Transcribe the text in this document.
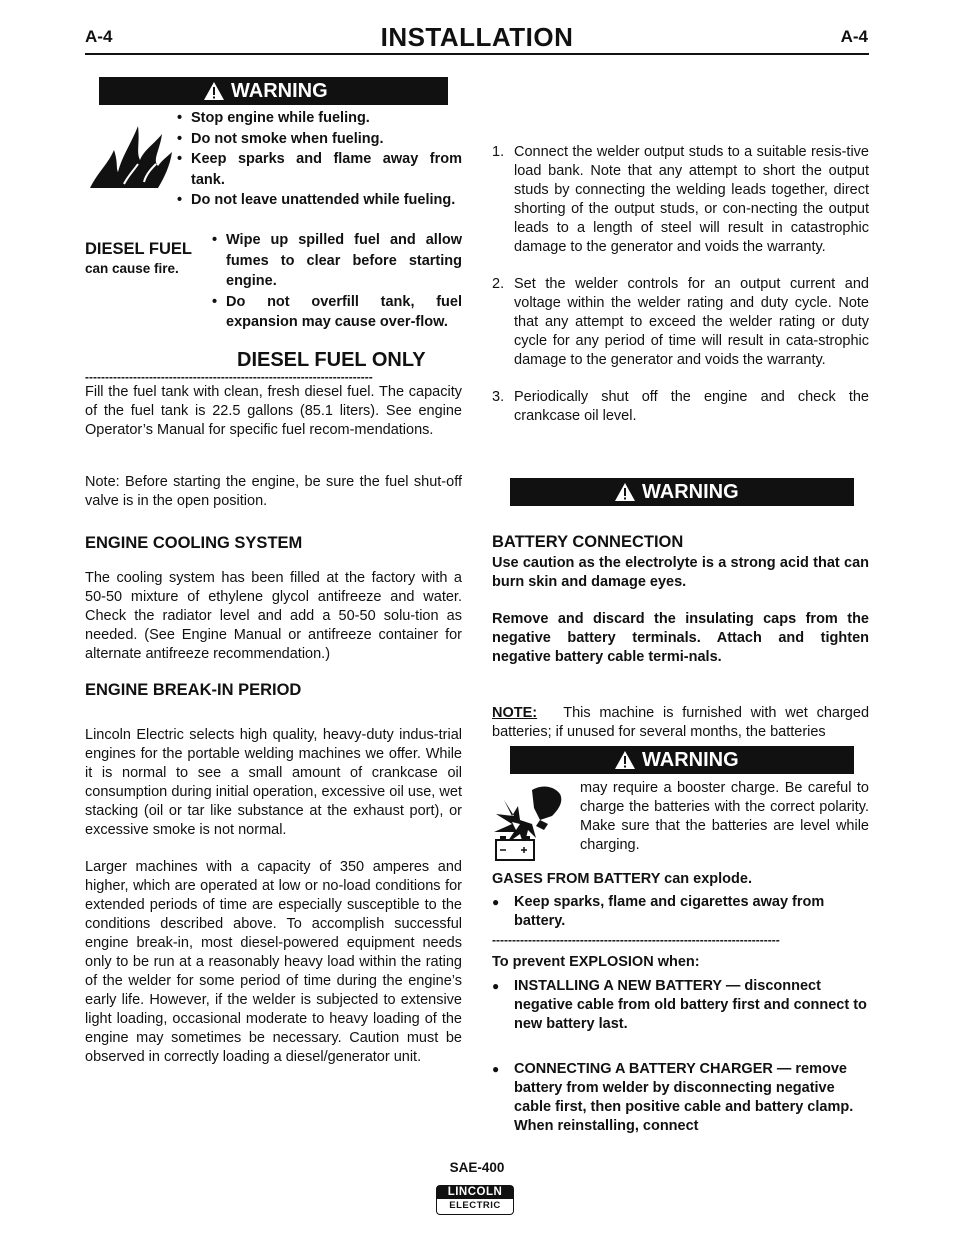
A-4	INSTALLATION	A-4
WARNING
• Stop engine while fueling.
• Do not smoke when fueling.
• Keep sparks and flame away from tank.
• Do not leave unattended while fueling.
DIESEL FUEL
can cause fire.
• Wipe up spilled fuel and allow fumes to clear before starting engine.
• Do not overfill tank, fuel expansion may cause over-flow.
DIESEL FUEL ONLY
------------------------------------------------------------------------
Fill the fuel tank with clean, fresh diesel fuel. The capacity of the fuel tank is 22.5 gallons (85.1 liters). See engine Operator’s Manual for specific fuel recom-mendations.
Note: Before starting the engine, be sure the fuel shut-off valve is in the open position.
ENGINE COOLING SYSTEM
The cooling system has been filled at the factory with a 50-50 mixture of ethylene glycol antifreeze and water. Check the radiator level and add a 50-50 solu-tion as needed. (See Engine Manual or antifreeze container for alternate antifreeze recommendation.)
ENGINE BREAK-IN PERIOD
Lincoln Electric selects high quality, heavy-duty indus-trial engines for the portable welding machines we offer. While it is normal to see a small amount of crankcase oil consumption during initial operation, excessive oil use, wet stacking (oil or tar like substance at the exhaust port), or excessive smoke is not normal.
Larger machines with a capacity of 350 amperes and higher, which are operated at low or no-load conditions for extended periods of time are especially susceptible to the conditions described above. To accomplish successful engine break-in, most diesel-powered equipment needs only to be run at a reasonably heavy load within the rating of the welder for some period of time during the engine’s early life. However, if the welder is subjected to extensive light loading, occasional moderate to heavy loading of the engine may sometimes be necessary. Caution must be observed in correctly loading a diesel/generator unit.
1. Connect the welder output studs to a suitable resis-tive load bank. Note that any attempt to short the output studs by connecting the welding leads together, direct shorting of the output studs, or con-necting the output leads to a length of steel will result in catastrophic damage to the generator and voids the warranty.
2. Set the welder controls for an output current and voltage within the welder rating and duty cycle. Note that any attempt to exceed the welder rating or duty cycle for any period of time will result in cata-strophic damage to the generator and voids the warranty.
3. Periodically shut off the engine and check the crankcase oil level.
WARNING
BATTERY CONNECTION
Use caution as the electrolyte is a strong acid that can burn skin and damage eyes.
Remove and discard the insulating caps from the negative battery terminals. Attach and tighten negative battery cable termi-nals.
NOTE: This machine is furnished with wet charged batteries; if unused for several months, the batteries
WARNING
may require a booster charge. Be careful to charge the batteries with the correct polarity. Make sure that the batteries are level while charging.
GASES FROM BATTERY can explode.
● Keep sparks, flame and cigarettes away from battery.
------------------------------------------------------------------------
To prevent EXPLOSION when:
● INSTALLING A NEW BATTERY — disconnect negative cable from old battery first and connect to new battery last.
● CONNECTING A BATTERY CHARGER — remove battery from welder by disconnecting negative cable first, then positive cable and battery clamp. When reinstalling, connect
SAE-400
LINCOLN
ELECTRIC
